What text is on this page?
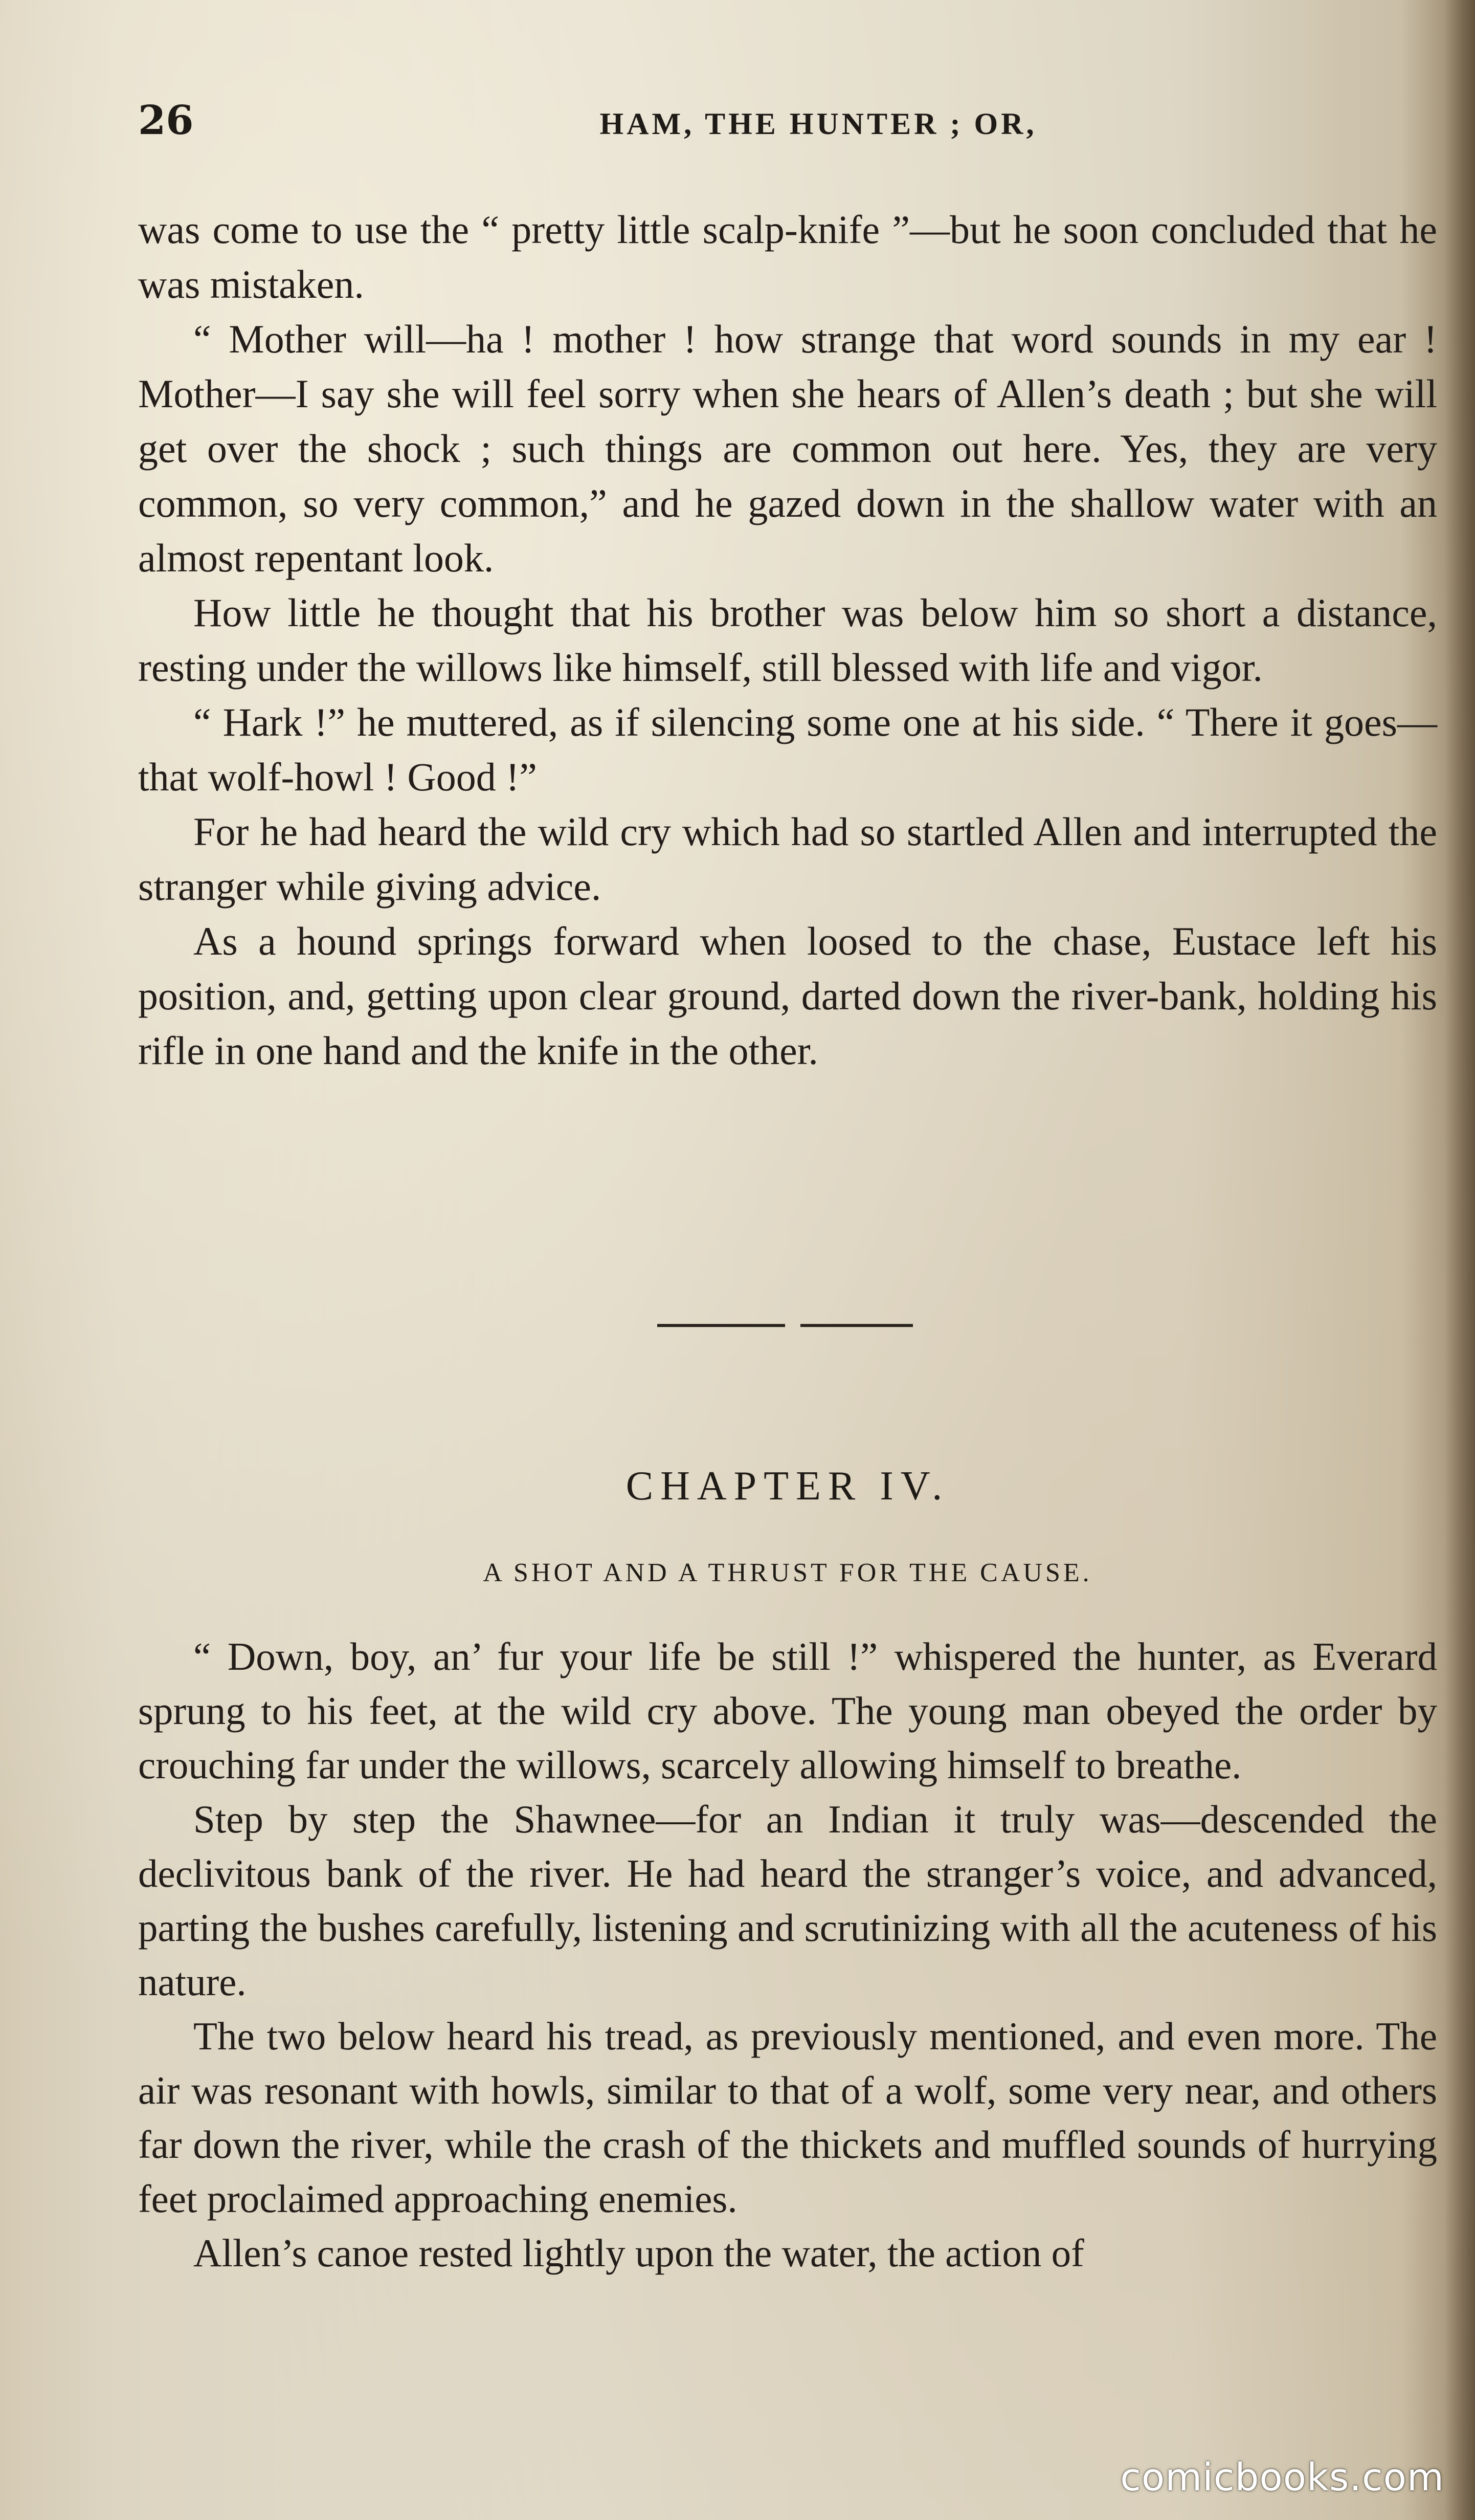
26	HAM, THE HUNTER ; OR,

was come to use the “ pretty little scalp-knife ”—but he soon concluded that he was mistaken.

“ Mother will—ha ! mother ! how strange that word sounds in my ear ! Mother—I say she will feel sorry when she hears of Allen’s death ; but she will get over the shock ; such things are common out here. Yes, they are very common, so very common,” and he gazed down in the shallow water with an almost repentant look.

How little he thought that his brother was below him so short a distance, resting under the willows like himself, still blessed with life and vigor.

“ Hark !” he muttered, as if silencing some one at his side. “ There it goes—that wolf-howl ! Good !”

For he had heard the wild cry which had so startled Allen and interrupted the stranger while giving advice.

As a hound springs forward when loosed to the chase, Eustace left his position, and, getting upon clear ground, darted down the river-bank, holding his rifle in one hand and the knife in the other.

CHAPTER IV.
A SHOT AND A THRUST FOR THE CAUSE.

“ Down, boy, an’ fur your life be still !” whispered the hunter, as Everard sprung to his feet, at the wild cry above. The young man obeyed the order by crouching far under the willows, scarcely allowing himself to breathe.

Step by step the Shawnee—for an Indian it truly was—descended the declivitous bank of the river. He had heard the stranger’s voice, and advanced, parting the bushes carefully, listening and scrutinizing with all the acuteness of his nature.

The two below heard his tread, as previously mentioned, and even more. The air was resonant with howls, similar to that of a wolf, some very near, and others far down the river, while the crash of the thickets and muffled sounds of hurrying feet proclaimed approaching enemies.

Allen’s canoe rested lightly upon the water, the action of

comicbooks.com
